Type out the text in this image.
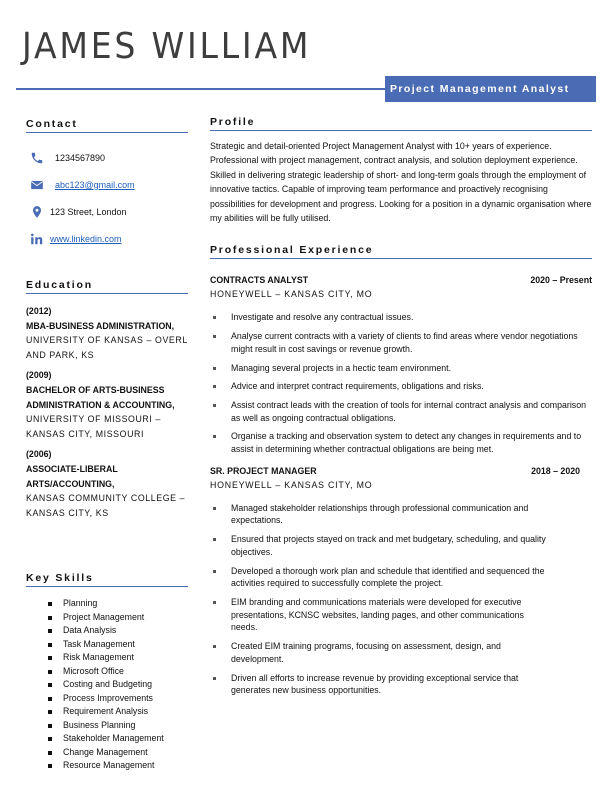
JAMES WILLIAM
Project Management Analyst
Contact
1234567890
abc123@gmail.com
123 Street, London
www.linkedin.com
Education
(2012)
MBA-BUSINESS ADMINISTRATION,
UNIVERSITY OF KANSAS – OVERL AND PARK, KS
(2009)
BACHELOR OF ARTS-BUSINESS ADMINISTRATION & ACCOUNTING,
UNIVERSITY OF MISSOURI – KANSAS CITY, MISSOURI
(2006)
ASSOCIATE-LIBERAL ARTS/ACCOUNTING,
KANSAS COMMUNITY COLLEGE – KANSAS CITY, KS
Key Skills
Planning
Project Management
Data Analysis
Task Management
Risk Management
Microsoft Office
Costing and Budgeting
Process Improvements
Requirement Analysis
Business Planning
Stakeholder Management
Change Management
Resource Management
Profile

Strategic and detail-oriented Project Management Analyst with 10+ years of experience. Professional with project management, contract analysis, and solution deployment experience. Skilled in delivering strategic leadership of short- and long-term goals through the employment of innovative tactics. Capable of improving team performance and proactively recognising possibilities for development and progress. Looking for a position in a dynamic organisation where my abilities will be fully utilised.

Professional Experience
CONTRACTS ANALYST	2020 – Present
HONEYWELL – KANSAS CITY, MO
Investigate and resolve any contractual issues.
Analyse current contracts with a variety of clients to find areas where vendor negotiations might result in cost savings or revenue growth.
Managing several projects in a hectic team environment.
Advice and interpret contract requirements, obligations and risks.
Assist contract leads with the creation of tools for internal contract analysis and comparison as well as ongoing contractual obligations.
Organise a tracking and observation system to detect any changes in requirements and to assist in determining whether contractual obligations are being met.
SR. PROJECT MANAGER	2018 – 2020
HONEYWELL – KANSAS CITY, MO
Managed stakeholder relationships through professional communication and expectations.
Ensured that projects stayed on track and met budgetary, scheduling, and quality objectives.
Developed a thorough work plan and schedule that identified and sequenced the activities required to successfully complete the project.
EIM branding and communications materials were developed for executive presentations, KCNSC websites, landing pages, and other communications needs.
Created EIM training programs, focusing on assessment, design, and development.
Driven all efforts to increase revenue by providing exceptional service that generates new business opportunities.
